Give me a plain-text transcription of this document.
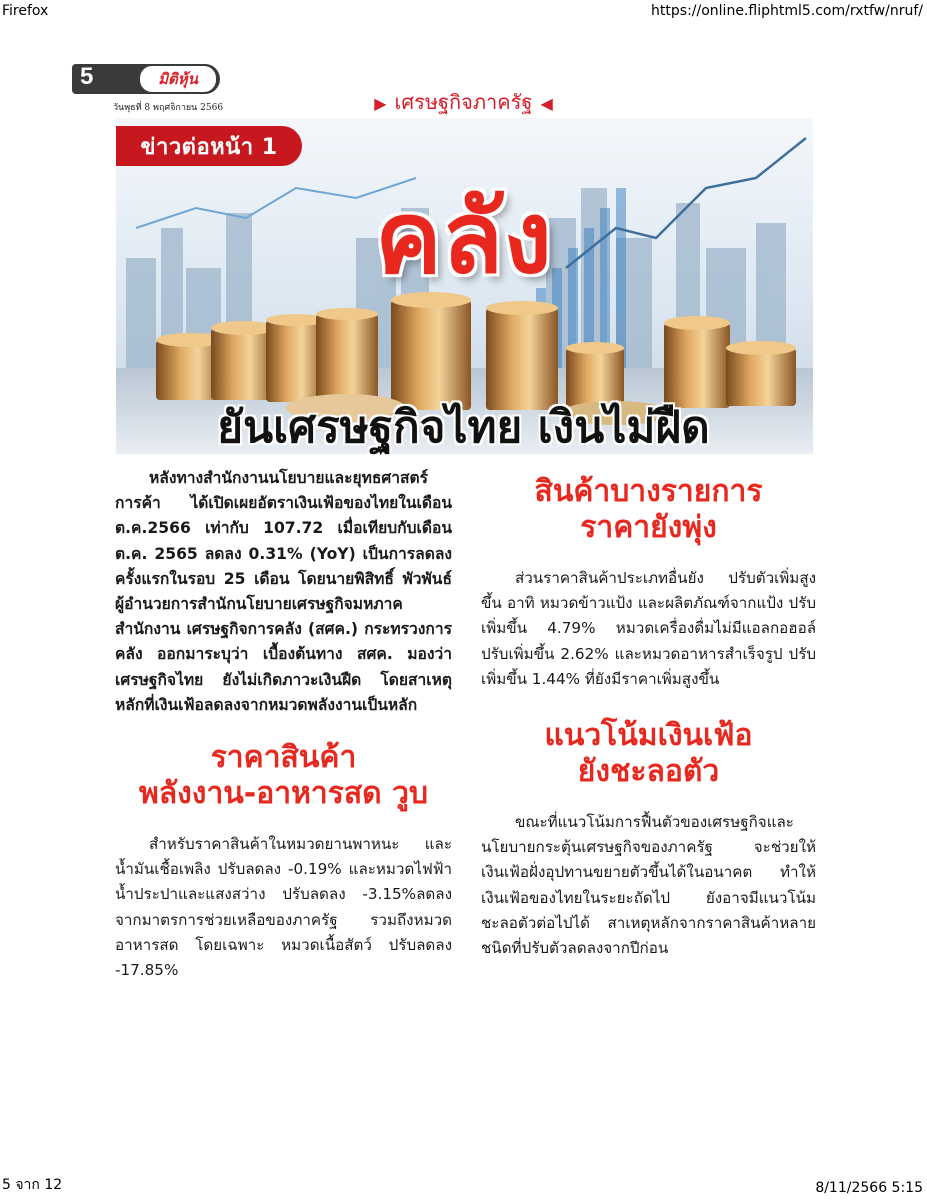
Firefox	https://online.fliphtml5.com/rxtfw/nruf/
5	มิติหุ้น
วันพุธที่ 8 พฤศจิกายน 2566	▶ เศรษฐกิจภาครัฐ ◀
ข่าวต่อหน้า 1
คลัง
ยันเศรษฐกิจไทย เงินไม่ฝืด

หลังทางสำนักงานนโยบายและยุทธศาสตร์การค้า ได้เปิดเผยอัตราเงินเฟ้อของไทยในเดือนต.ค.2566 เท่ากับ 107.72 เมื่อเทียบกับเดือนต.ค. 2565 ลดลง 0.31% (YoY) เป็นการลดลงครั้งแรกในรอบ 25 เดือน โดยนายพิสิทธิ์ พัวพันธ์ ผู้อำนวยการสำนักนโยบายเศรษฐกิจมหภาค สำนักงาน เศรษฐกิจการคลัง (สศค.) กระทรวงการคลัง ออกมาระบุว่า เบื้องต้นทาง สศค. มองว่าเศรษฐกิจไทย ยังไม่เกิดภาวะเงินฝืด โดยสาเหตุหลักที่เงินเฟ้อลดลงจากหมวดพลังงานเป็นหลัก

ราคาสินค้า
พลังงาน-อาหารสด วูบ

สำหรับราคาสินค้าในหมวดยานพาหนะ และน้ำมันเชื้อเพลิง ปรับลดลง -0.19% และหมวดไฟฟ้า น้ำประปาและแสงสว่าง ปรับลดลง -3.15%ลดลงจากมาตรการช่วยเหลือของภาครัฐ รวมถึงหมวดอาหารสด โดยเฉพาะ หมวดเนื้อสัตว์ ปรับลดลง -17.85%

สินค้าบางรายการ
ราคายังพุ่ง

ส่วนราคาสินค้าประเภทอื่นยัง ปรับตัวเพิ่มสูงขึ้น อาทิ หมวดข้าวแป้ง และผลิตภัณฑ์จากแป้ง ปรับเพิ่มขึ้น 4.79% หมวดเครื่องดื่มไม่มีแอลกอฮอล์ ปรับเพิ่มขึ้น 2.62% และหมวดอาหารสำเร็จรูป ปรับเพิ่มขึ้น 1.44% ที่ยังมีราคาเพิ่มสูงขึ้น

แนวโน้มเงินเฟ้อ
ยังชะลอตัว

ขณะที่แนวโน้มการฟื้นตัวของเศรษฐกิจและนโยบายกระตุ้นเศรษฐกิจของภาครัฐ จะช่วยให้เงินเฟ้อฝั่งอุปทานขยายตัวขึ้นได้ในอนาคต ทำให้เงินเฟ้อของไทยในระยะถัดไป ยังอาจมีแนวโน้มชะลอตัวต่อไปได้ สาเหตุหลักจากราคาสินค้าหลายชนิดที่ปรับตัวลดลงจากปีก่อน

5 จาก 12	8/11/2566 5:15
